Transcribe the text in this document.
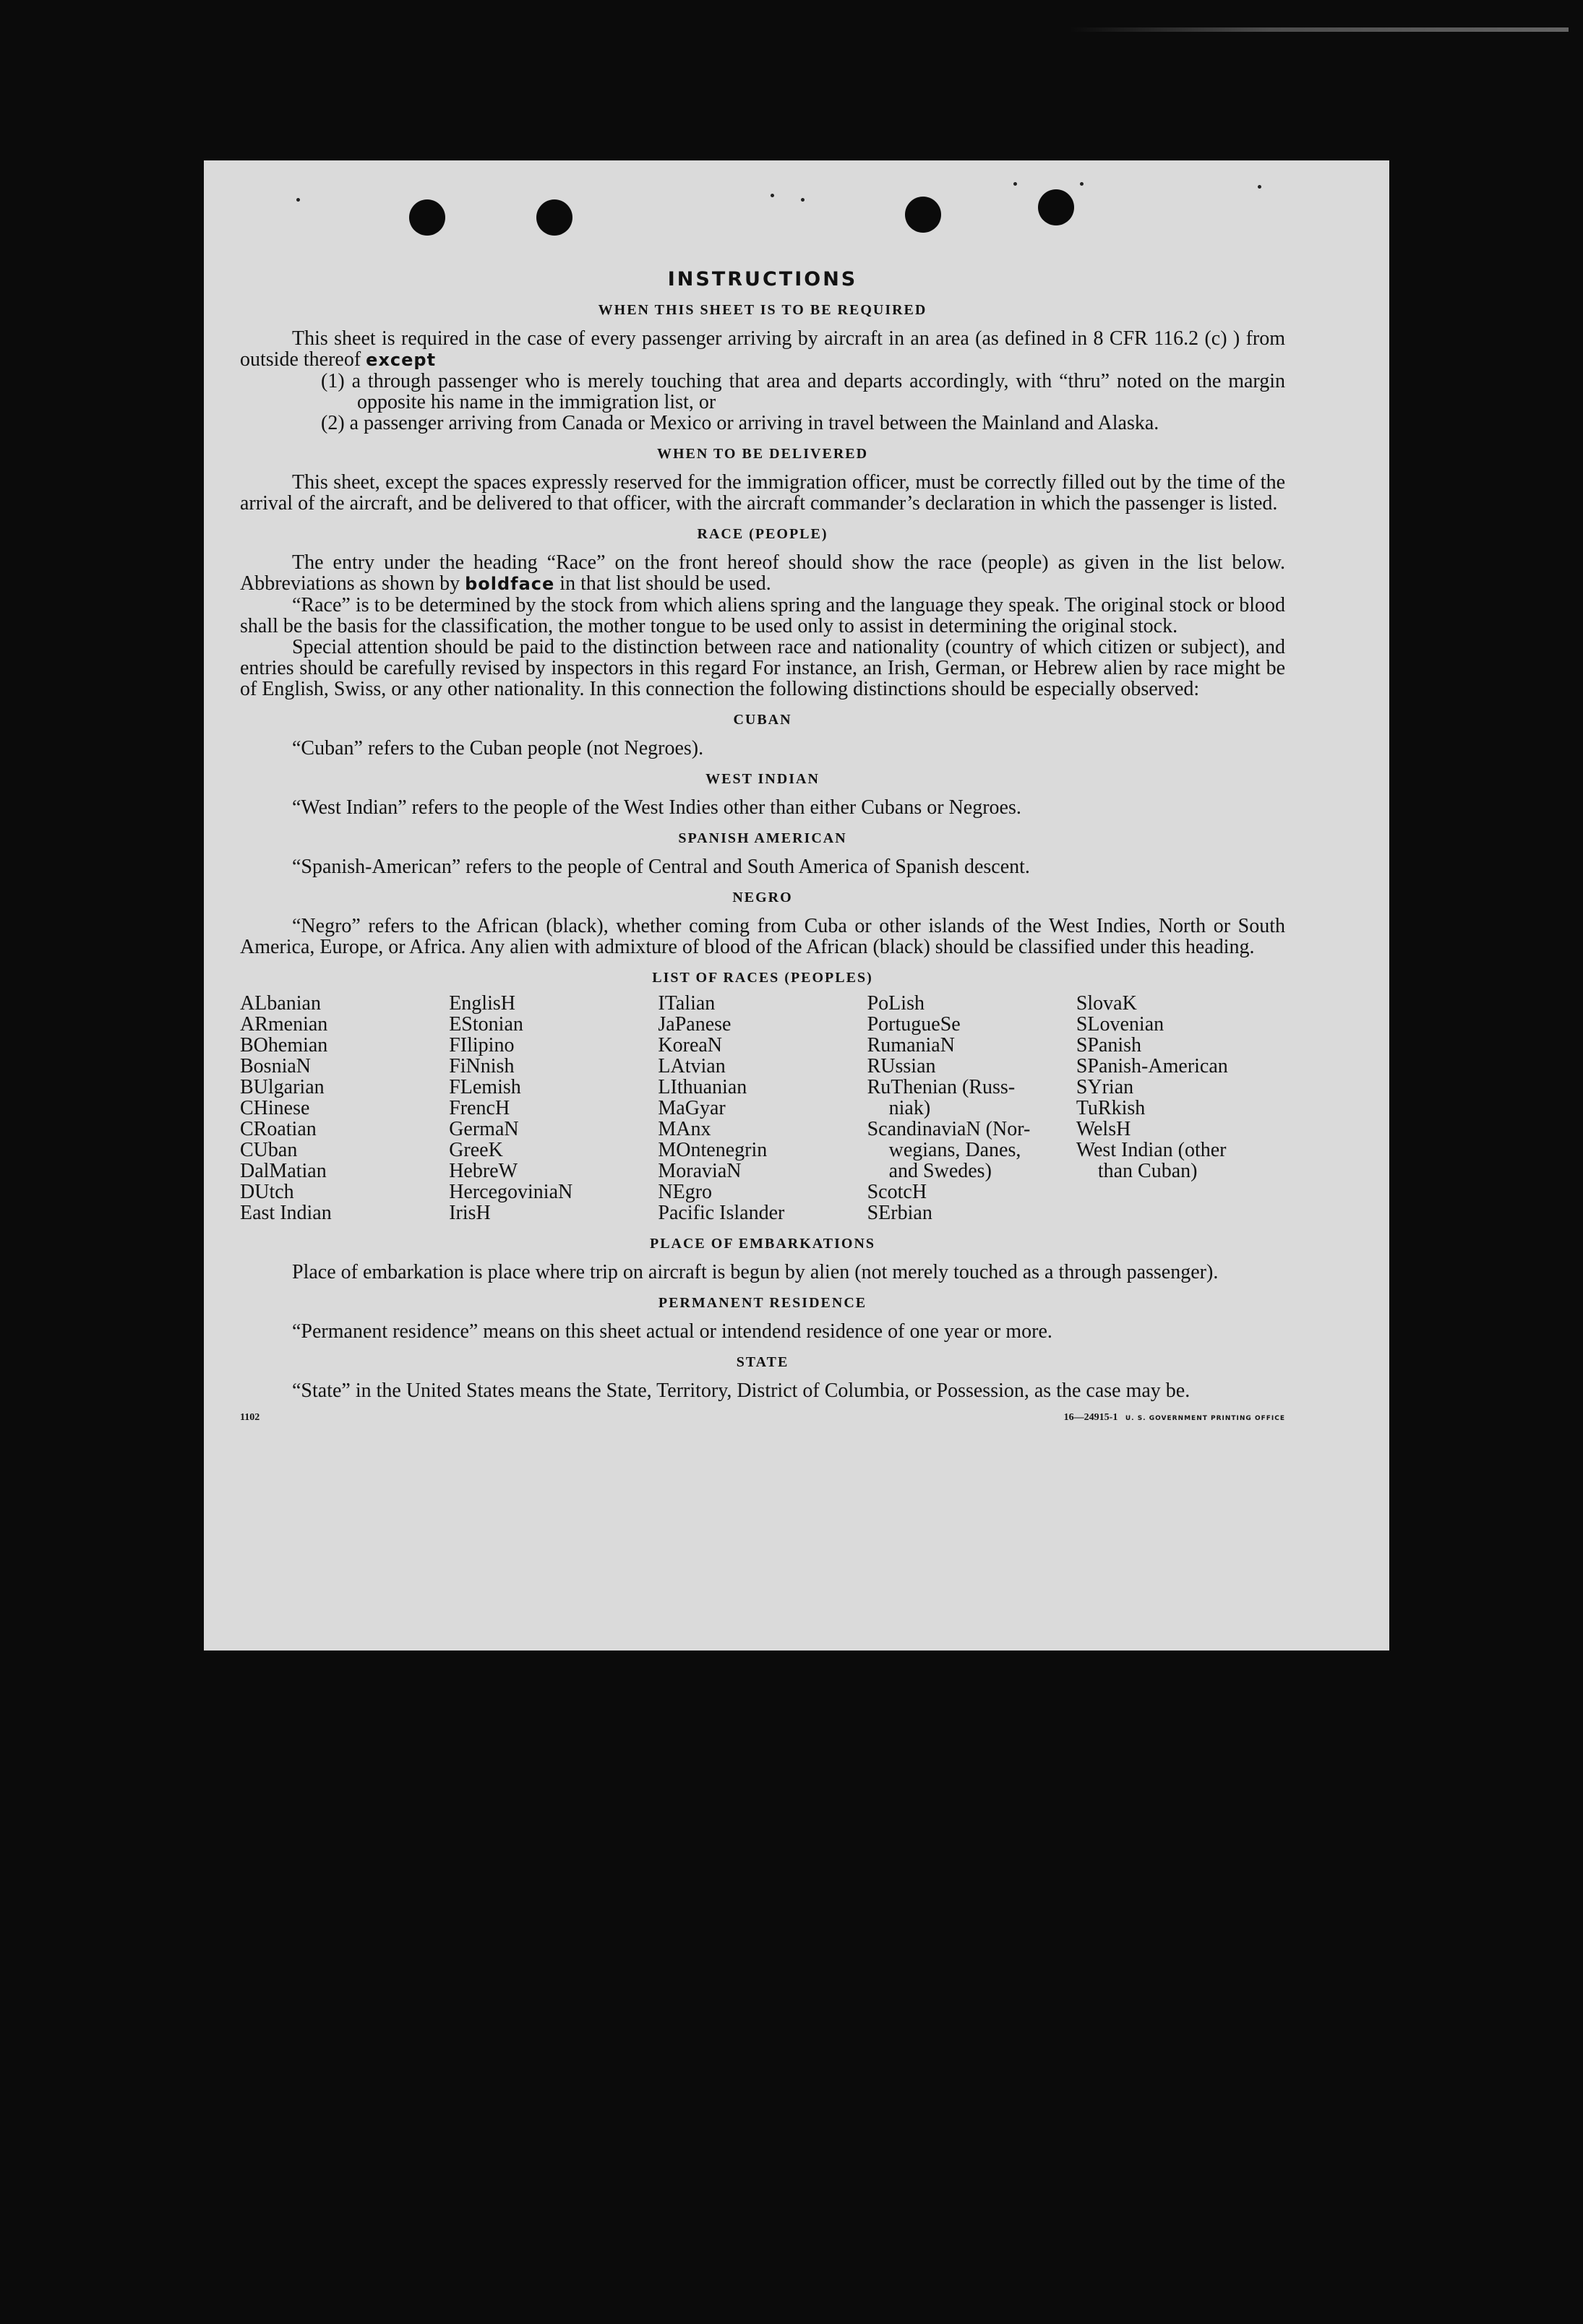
INSTRUCTIONS
WHEN THIS SHEET IS TO BE REQUIRED

This sheet is required in the case of every passenger arriving by aircraft in an area (as defined in 8 CFR 116.2 (c) ) from outside thereof except

(1) a through passenger who is merely touching that area and departs accordingly, with “thru” noted on the margin opposite his name in the immigration list, or

(2) a passenger arriving from Canada or Mexico or arriving in travel between the Mainland and Alaska.

WHEN TO BE DELIVERED

This sheet, except the spaces expressly reserved for the immigration officer, must be correctly filled out by the time of the arrival of the aircraft, and be delivered to that officer, with the aircraft commander’s declaration in which the passenger is listed.

RACE (PEOPLE)

The entry under the heading “Race” on the front hereof should show the race (people) as given in the list below. Abbreviations as shown by boldface in that list should be used.

“Race” is to be determined by the stock from which aliens spring and the language they speak. The original stock or blood shall be the basis for the classification, the mother tongue to be used only to assist in determining the original stock.

Special attention should be paid to the distinction between race and nationality (country of which citizen or subject), and entries should be carefully revised by inspectors in this regard For instance, an Irish, German, or Hebrew alien by race might be of English, Swiss, or any other nationality. In this connection the following distinctions should be especially observed:

CUBAN

“Cuban” refers to the Cuban people (not Negroes).

WEST INDIAN

“West Indian” refers to the people of the West Indies other than either Cubans or Negroes.

SPANISH AMERICAN

“Spanish-American” refers to the people of Central and South America of Spanish descent.

NEGRO

“Negro” refers to the African (black), whether coming from Cuba or other islands of the West Indies, North or South America, Europe, or Africa. Any alien with admixture of blood of the African (black) should be classified under this heading.

LIST OF RACES (PEOPLES)
ALbanian
ARmenian
BOhemian
BosniaN
BUlgarian
CHinese
CRoatian
CUban
DalMatian
DUtch
East Indian
EnglisH
EStonian
FIlipino
FiNnish
FLemish
FrencH
GermaN
GreeK
HebreW
HercegoviniaN
IrisH
ITalian
JaPanese
KoreaN
LAtvian
LIthuanian
MaGyar
MAnx
MOntenegrin
MoraviaN
NEgro
Pacific Islander
PoLish
PortugueSe
RumaniaN
RUssian
RuThenian (Russ-
niak)
ScandinaviaN (Nor-
wegians, Danes,
and Swedes)
ScotcH
SErbian
SlovaK
SLovenian
SPanish
SPanish-American
SYrian
TuRkish
WelsH
West Indian (other
than Cuban)
PLACE OF EMBARKATIONS

Place of embarkation is place where trip on aircraft is begun by alien (not merely touched as a through passenger).

PERMANENT RESIDENCE

“Permanent residence” means on this sheet actual or intendend residence of one year or more.

STATE

“State” in the United States means the State, Territory, District of Columbia, or Possession, as the case may be.

1102	16—24915-1 U. S. GOVERNMENT PRINTING OFFICE
